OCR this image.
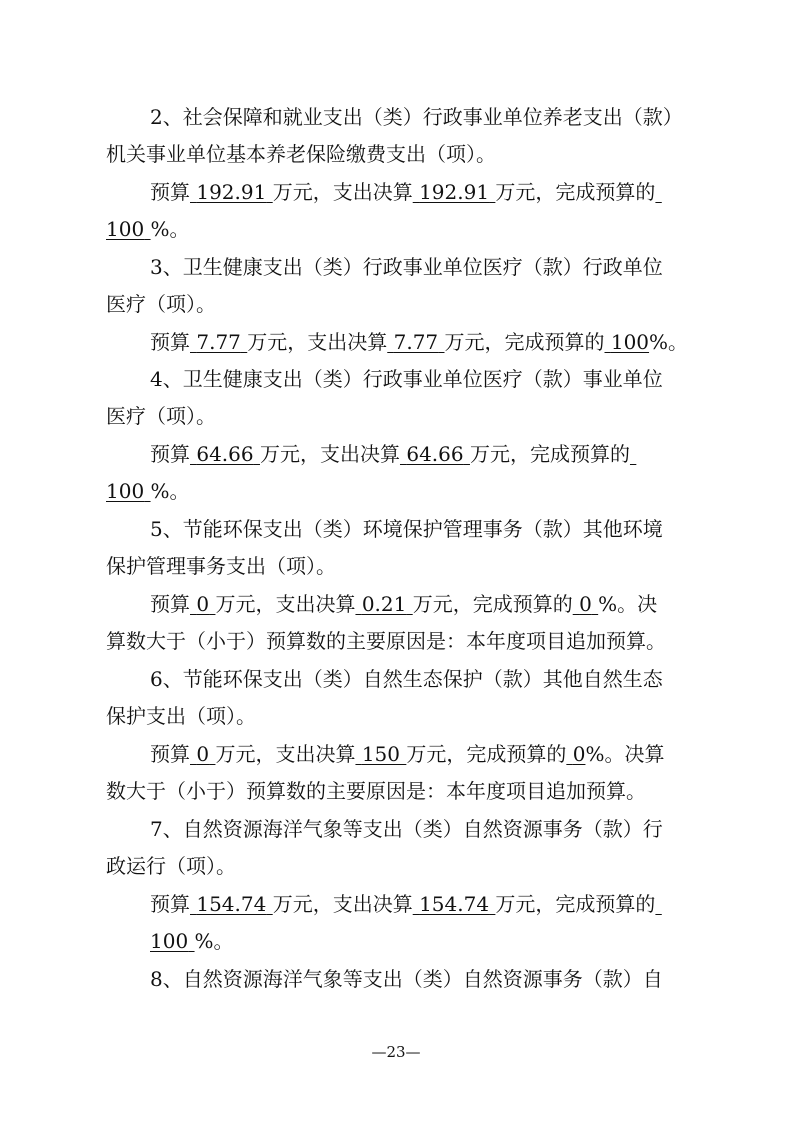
2、社会保障和就业支出（类）行政事业单位养老支出（款）
机关事业单位基本养老保险缴费支出（项）。
预算 192.91 万元，支出决算 192.91 万元，完成预算的
100 %。
3、卫生健康支出（类）行政事业单位医疗（款）行政单位
医疗（项）。
预算 7.77 万元，支出决算 7.77 万元，完成预算的 100%。
4、卫生健康支出（类）行政事业单位医疗（款）事业单位
医疗（项）。
预算 64.66 万元，支出决算 64.66 万元，完成预算的
100 %。
5、节能环保支出（类）环境保护管理事务（款）其他环境
保护管理事务支出（项）。
预算 0 万元，支出决算 0.21 万元，完成预算的 0 %。决
算数大于（小于）预算数的主要原因是：本年度项目追加预算。
6、节能环保支出（类）自然生态保护（款）其他自然生态
保护支出（项）。
预算 0 万元，支出决算 150 万元，完成预算的 0%。决算
数大于（小于）预算数的主要原因是：本年度项目追加预算。
7、自然资源海洋气象等支出（类）自然资源事务（款）行
政运行（项）。
预算 154.74 万元，支出决算 154.74 万元，完成预算的
100 %。
8、自然资源海洋气象等支出（类）自然资源事务（款）自
—23—
